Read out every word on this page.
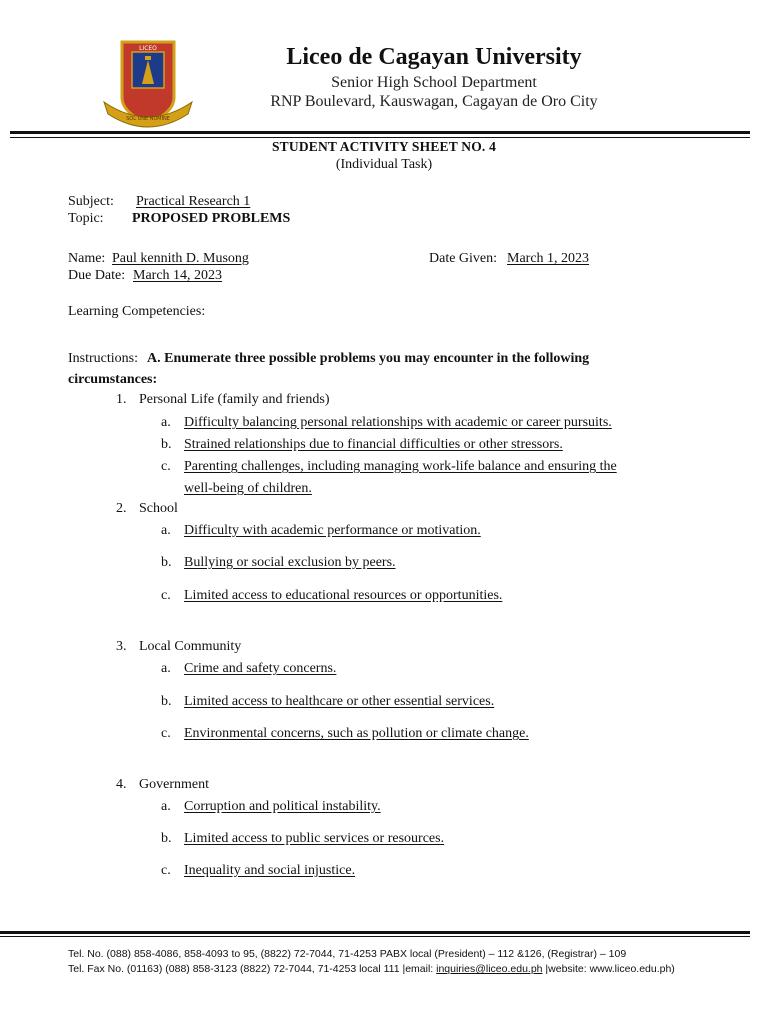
LICEO
SOL UNE NUMINE
Liceo de Cagayan University
Senior High School Department
RNP Boulevard, Kauswagan, Cagayan de Oro City
STUDENT ACTIVITY SHEET NO. 4
(Individual Task)
Subject: Practical Research 1
Topic: PROPOSED PROBLEMS
Name: Paul kennith D. Musong	Date Given: March 1, 2023
Due Date: March 14, 2023
Learning Competencies:
Instructions: A. Enumerate three possible problems you may encounter in the following
circumstances:
1. Personal Life (family and friends)
a. Difficulty balancing personal relationships with academic or career pursuits.
b. Strained relationships due to financial difficulties or other stressors.
c. Parenting challenges, including managing work-life balance and ensuring the
well-being of children.
2. School
a. Difficulty with academic performance or motivation.
b. Bullying or social exclusion by peers.
c. Limited access to educational resources or opportunities.
3. Local Community
a. Crime and safety concerns.
b. Limited access to healthcare or other essential services.
c. Environmental concerns, such as pollution or climate change.
4. Government
a. Corruption and political instability.
b. Limited access to public services or resources.
c. Inequality and social injustice.
Tel. No. (088) 858-4086, 858-4093 to 95, (8822) 72-7044, 71-4253 PABX local (President) – 112 &126, (Registrar) – 109
Tel. Fax No. (01163) (088) 858-3123 (8822) 72-7044, 71-4253 local 111 |email: inquiries@liceo.edu.ph |website: www.liceo.edu.ph)
